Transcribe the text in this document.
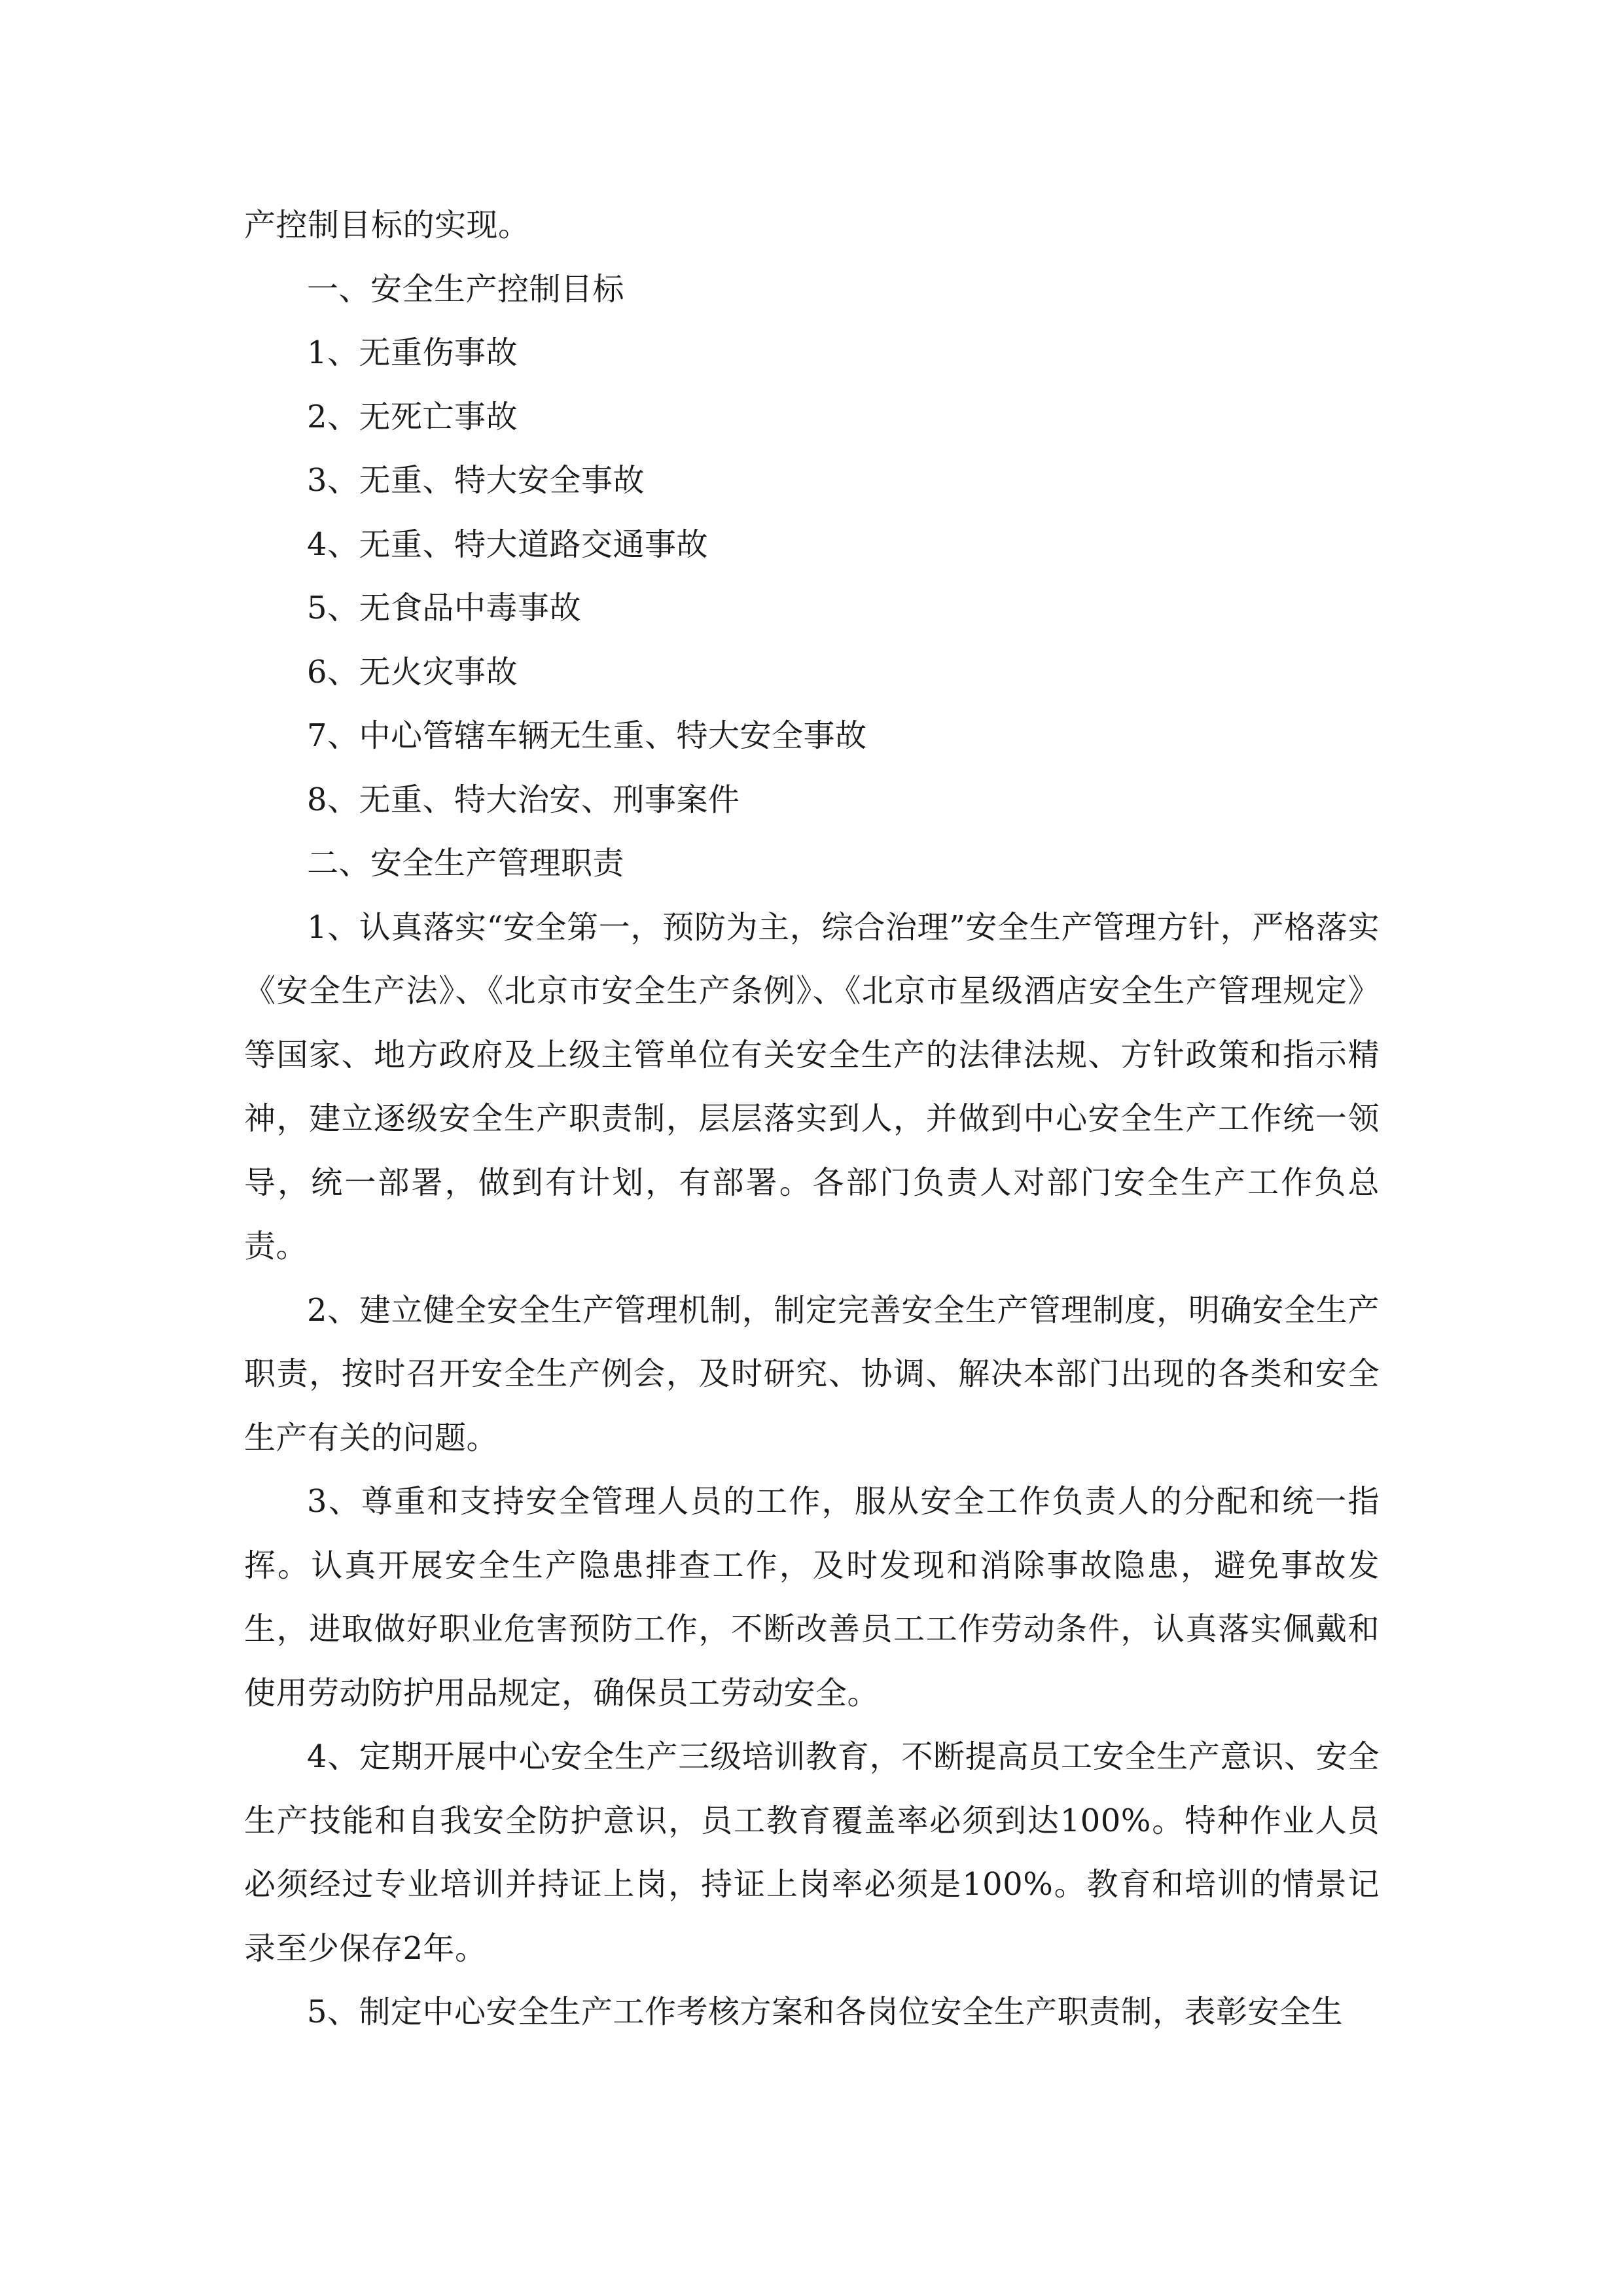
产控制目标的实现。
一、安全生产控制目标
1、无重伤事故
2、无死亡事故
3、无重、特大安全事故
4、无重、特大道路交通事故
5、无食品中毒事故
6、无火灾事故
7、中心管辖车辆无生重、特大安全事故
8、无重、特大治安、刑事案件
二、安全生产管理职责
1、认真落实“安全第一，预防为主，综合治理”安全生产管理方针，严格落实《安全生产法》、《北京市安全生产条例》、《北京市星级酒店安全生产管理规定》等国家、地方政府及上级主管单位有关安全生产的法律法规、方针政策和指示精神，建立逐级安全生产职责制，层层落实到人，并做到中心安全生产工作统一领导，统一部署，做到有计划，有部署。各部门负责人对部门安全生产工作负总责。
2、建立健全安全生产管理机制，制定完善安全生产管理制度，明确安全生产职责，按时召开安全生产例会，及时研究、协调、解决本部门出现的各类和安全生产有关的问题。
3、尊重和支持安全管理人员的工作，服从安全工作负责人的分配和统一指挥。认真开展安全生产隐患排查工作，及时发现和消除事故隐患，避免事故发生，进取做好职业危害预防工作，不断改善员工工作劳动条件，认真落实佩戴和使用劳动防护用品规定，确保员工劳动安全。
4、定期开展中心安全生产三级培训教育，不断提高员工安全生产意识、安全生产技能和自我安全防护意识，员工教育覆盖率必须到达100%。特种作业人员必须经过专业培训并持证上岗，持证上岗率必须是100%。教育和培训的情景记录至少保存2年。
5、制定中心安全生产工作考核方案和各岗位安全生产职责制，表彰安全生
